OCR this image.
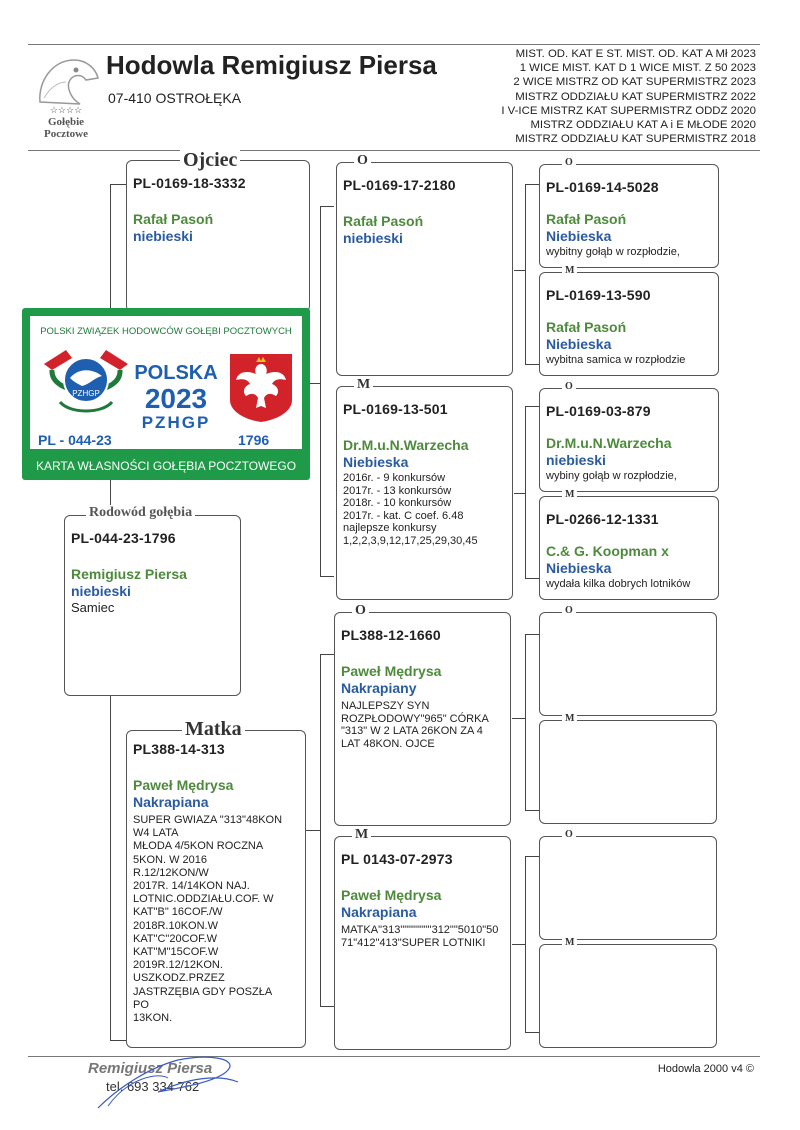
☆☆☆☆
Gołębie
Pocztowe
Hodowla Remigiusz Piersa
07-410 OSTROŁĘKA
MIST. OD. KAT E ST. MIST. OD. KAT A Mł 2023
1 WICE MIST. KAT D 1 WICE MIST. Z 50 2023
2 WICE MISTRZ OD KAT SUPERMISTRZ 2023
MISTRZ ODDZIAŁU KAT SUPERMISTRZ 2022
I V-ICE MISTRZ KAT SUPERMISTRZ ODDZ 2020
MISTRZ ODDZIAŁU KAT A i E MŁODE 2020
MISTRZ ODDZIAŁU KAT SUPERMISTRZ 2018
PL-0169-18-3332
Rafał Pasoń
niebieski
Ojciec
POLSKI ZWIĄZEK HODOWCÓW GOŁĘBI POCZTOWYCH
PZHGP
POLSKA
2023
PZHGP
PL - 044-23	1796
KARTA WŁASNOŚCI GOŁĘBIA POCZTOWEGO
PL-044-23-1796
Remigiusz Piersa
niebieski
Samiec
Rodowód gołębia
PL388-14-313
Paweł Mędrysa
Nakrapiana
SUPER GWIAZA "313"48KON
W4 LATA
MŁODA 4/5KON ROCZNA
5KON. W 2016
R.12/12KON/W
2017R. 14/14KON NAJ.
LOTNIC.ODDZIAŁU.COF. W
KAT"B" 16COF./W
2018R.10KON.W
KAT"C"20COF.W
KAT"M"15COF.W
2019R.12/12KON.
USZKODZ.PRZEZ
JASTRZĘBIA GDY POSZŁA
PO
13KON.
Matka
PL-0169-17-2180
Rafał Pasoń
niebieski
O
PL-0169-13-501
Dr.M.u.N.Warzecha
Niebieska
2016r. - 9 konkursów
2017r. - 13 konkursów
2018r. - 10 konkursów
2017r. - kat. C coef. 6.48
najlepsze konkursy
1,2,2,3,9,12,17,25,29,30,45
M
PL388-12-1660
Paweł Mędrysa
Nakrapiany
NAJLEPSZY SYN
ROZPŁODOWY"965" CÓRKA
"313" W 2 LATA 26KON ZA 4
LAT 48KON. OJCE
O
PL 0143-07-2973
Paweł Mędrysa
Nakrapiana
MATKA"313""""""""312""5010"50
71"412"413"SUPER LOTNIKI
M
PL-0169-14-5028
Rafał Pasoń
Niebieska
wybitny gołąb w rozpłodzie,
O
PL-0169-13-590
Rafał Pasoń
Niebieska
wybitna samica w rozpłodzie
M
PL-0169-03-879
Dr.M.u.N.Warzecha
niebieski
wybiny gołąb w rozpłodzie,
O
PL-0266-12-1331
C.& G. Koopman x
Niebieska
wydała kilka dobrych lotników
M
O
M
O
M
Remigiusz Piersa
tel. 693 334 762
Hodowla 2000 v4 ©
